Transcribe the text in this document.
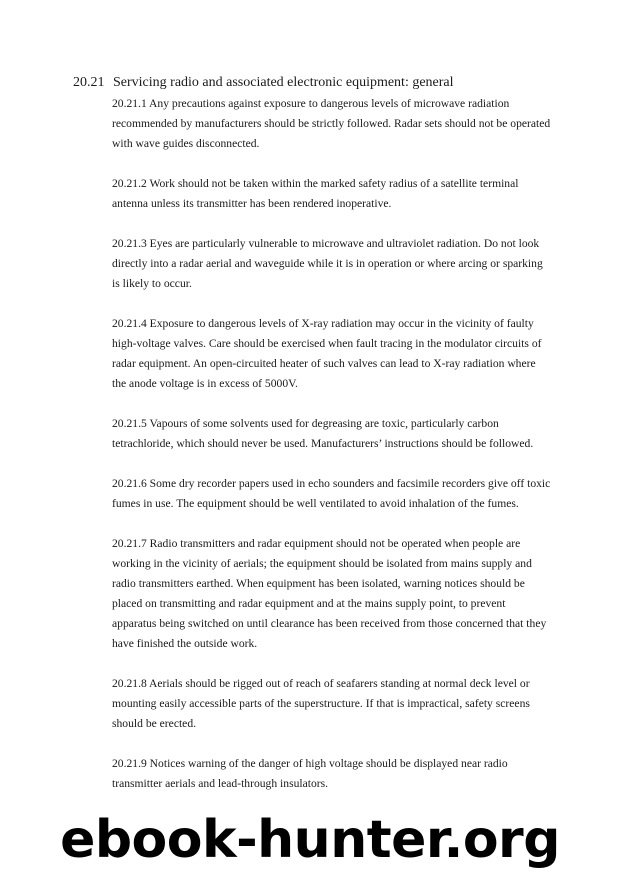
20.21 Servicing radio and associated electronic equipment: general

20.21.1 Any precautions against exposure to dangerous levels of microwave radiation recommended by manufacturers should be strictly followed. Radar sets should not be operated with wave guides disconnected.

20.21.2 Work should not be taken within the marked safety radius of a satellite terminal antenna unless its transmitter has been rendered inoperative.

20.21.3 Eyes are particularly vulnerable to microwave and ultraviolet radiation. Do not look directly into a radar aerial and waveguide while it is in operation or where arcing or sparking is likely to occur.

20.21.4 Exposure to dangerous levels of X-ray radiation may occur in the vicinity of faulty high-voltage valves. Care should be exercised when fault tracing in the modulator circuits of radar equipment. An open-circuited heater of such valves can lead to X-ray radiation where the anode voltage is in excess of 5000V.

20.21.5 Vapours of some solvents used for degreasing are toxic, particularly carbon tetrachloride, which should never be used. Manufacturers’ instructions should be followed.

20.21.6 Some dry recorder papers used in echo sounders and facsimile recorders give off toxic fumes in use. The equipment should be well ventilated to avoid inhalation of the fumes.

20.21.7 Radio transmitters and radar equipment should not be operated when people are working in the vicinity of aerials; the equipment should be isolated from mains supply and radio transmitters earthed. When equipment has been isolated, warning notices should be placed on transmitting and radar equipment and at the mains supply point, to prevent apparatus being switched on until clearance has been received from those concerned that they have finished the outside work.

20.21.8 Aerials should be rigged out of reach of seafarers standing at normal deck level or mounting easily accessible parts of the superstructure. If that is impractical, safety screens should be erected.

20.21.9 Notices warning of the danger of high voltage should be displayed near radio transmitter aerials and lead-through insulators.

ebook-hunter.org
